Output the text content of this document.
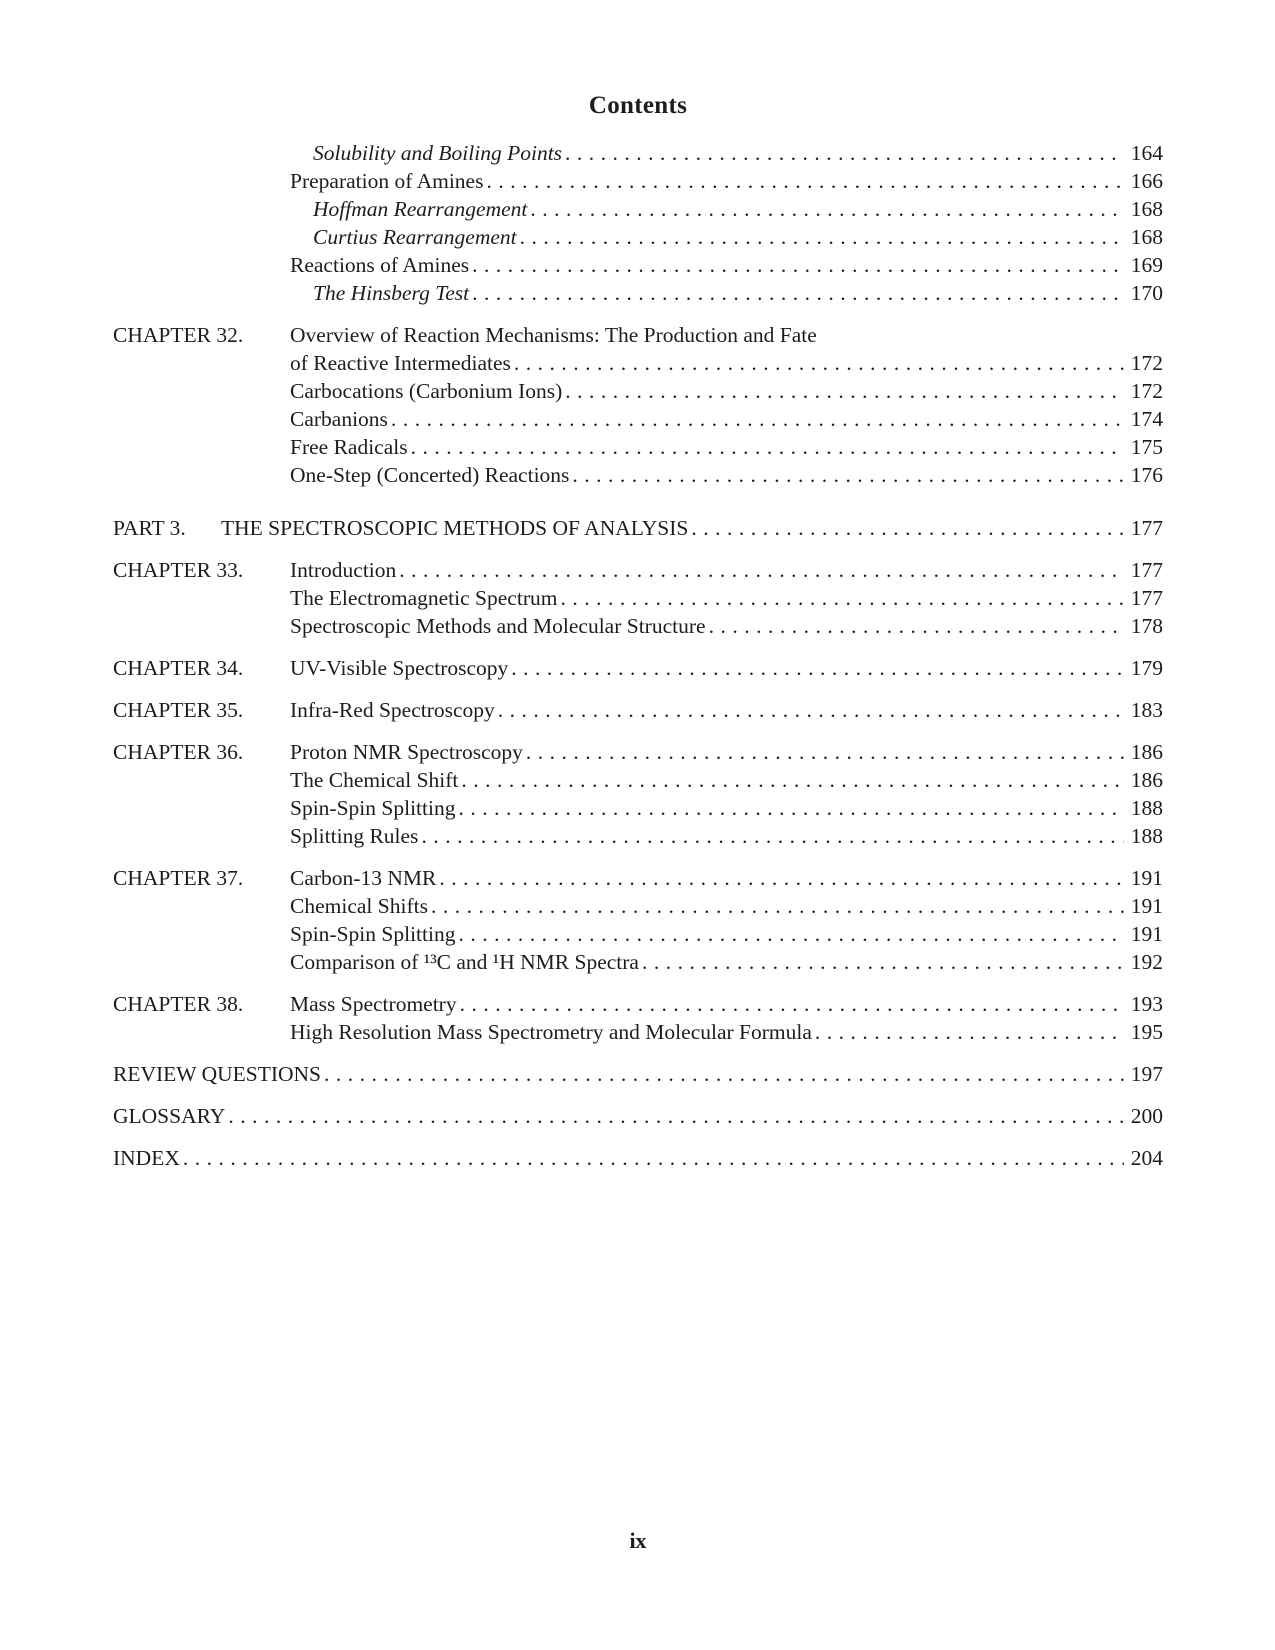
Contents
Solubility and Boiling Points .....	164
Preparation of Amines .....	166
Hoffman Rearrangement .....	168
Curtius Rearrangement .....	168
Reactions of Amines .....	169
The Hinsberg Test .....	170
CHAPTER 32.	Overview of Reaction Mechanisms: The Production and Fate
of Reactive Intermediates .....	172
Carbocations (Carbonium Ions) .....	172
Carbanions .....	174
Free Radicals .....	175
One-Step (Concerted) Reactions .....	176
PART 3.	THE SPECTROSCOPIC METHODS OF ANALYSIS .....	177
CHAPTER 33.	Introduction .....	177
The Electromagnetic Spectrum .....	177
Spectroscopic Methods and Molecular Structure .....	178
CHAPTER 34.	UV-Visible Spectroscopy .....	179
CHAPTER 35.	Infra-Red Spectroscopy .....	183
CHAPTER 36.	Proton NMR Spectroscopy .....	186
The Chemical Shift .....	186
Spin-Spin Splitting .....	188
Splitting Rules .....	188
CHAPTER 37.	Carbon-13 NMR .....	191
Chemical Shifts .....	191
Spin-Spin Splitting .....	191
Comparison of ¹³C and ¹H NMR Spectra .....	192
CHAPTER 38.	Mass Spectrometry .....	193
High Resolution Mass Spectrometry and Molecular Formula .....	195
REVIEW QUESTIONS .....	197
GLOSSARY .....	200
INDEX .....	204
ix
